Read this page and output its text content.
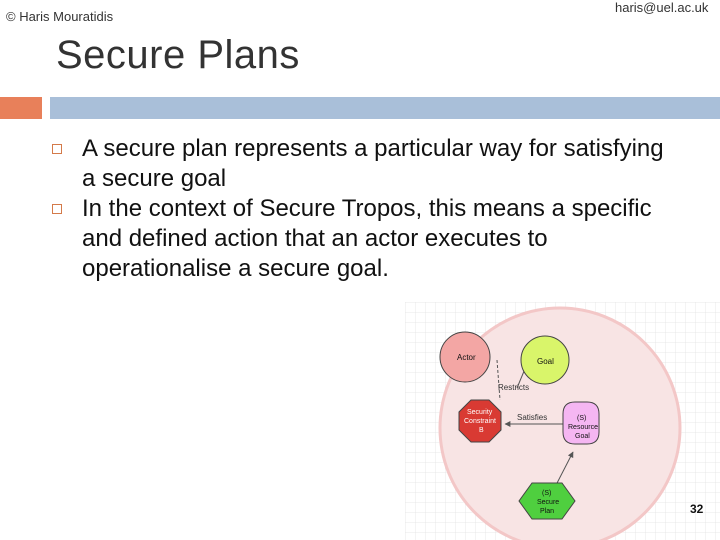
© Haris Mouratidis
haris@uel.ac.uk
Secure Plans
A secure plan represents a particular way for satisfying a secure goal
In the context of Secure Tropos, this means a specific and defined action that an actor executes to operationalise a secure goal.
Restricts
Satisfies
Actor	Goal
Security
Constraint
B
(S)
Resource
Goal
(S)
Secure
Plan	32
